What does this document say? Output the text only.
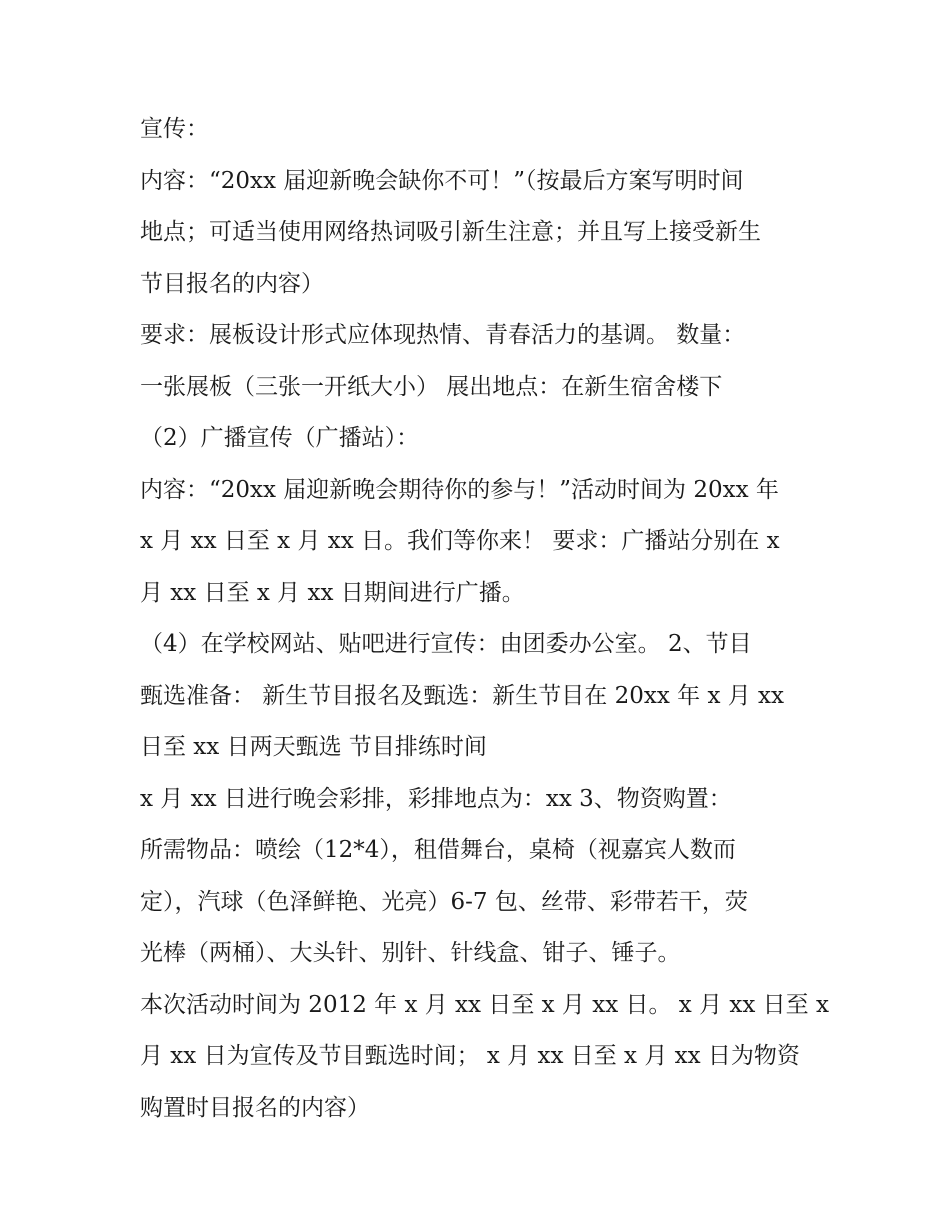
宣传：
内容：“20xx 届迎新晚会缺你不可！”（按最后方案写明时间
地点；可适当使用网络热词吸引新生注意；并且写上接受新生
节目报名的内容）
要求：展板设计形式应体现热情、青春活力的基调。 数量：
一张展板（三张一开纸大小） 展出地点：在新生宿舍楼下
（2）广播宣传（广播站）：
内容：“20xx 届迎新晚会期待你的参与！”活动时间为 20xx 年
x 月 xx 日至 x 月 xx 日。我们等你来！ 要求：广播站分别在 x
月 xx 日至 x 月 xx 日期间进行广播。
（4）在学校网站、贴吧进行宣传：由团委办公室。 2、节目
甄选准备： 新生节目报名及甄选：新生节目在 20xx 年 x 月 xx
日至 xx 日两天甄选 节目排练时间
x 月 xx 日进行晚会彩排，彩排地点为：xx 3、物资购置：
所需物品：喷绘（12*4），租借舞台，桌椅（视嘉宾人数而
定），汽球（色泽鲜艳、光亮）6-7 包、丝带、彩带若干，荧
光棒（两桶）、大头针、别针、针线盒、钳子、锤子。
本次活动时间为 2012 年 x 月 xx 日至 x 月 xx 日。 x 月 xx 日至 x
月 xx 日为宣传及节目甄选时间； x 月 xx 日至 x 月 xx 日为物资
购置时目报名的内容）
